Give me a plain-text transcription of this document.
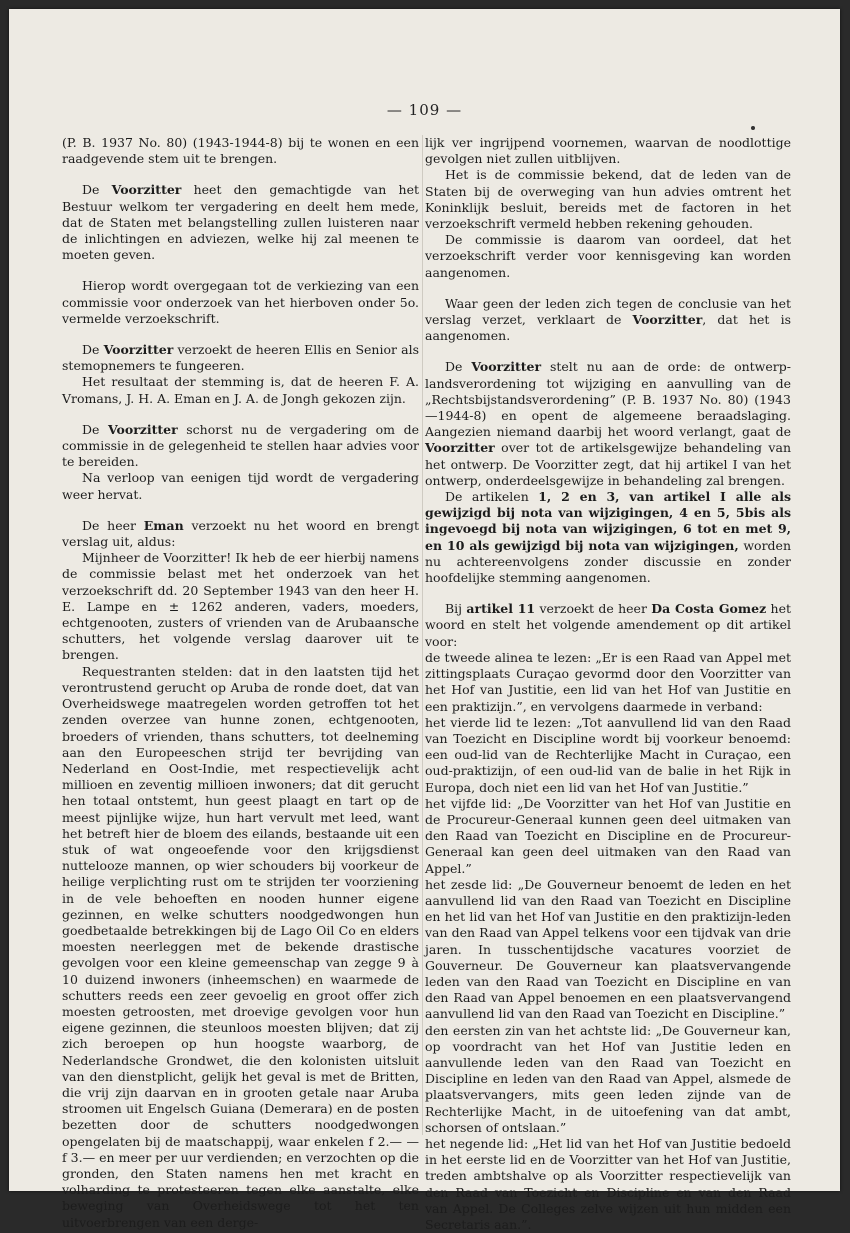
— 109 —

(P. B. 1937 No. 80) (1943-1944-8) bij te wonen en een raadgevende stem uit te brengen.

De Voorzitter heet den gemachtigde van het Bestuur welkom ter vergadering en deelt hem mede, dat de Staten met belangstelling zullen luisteren naar de inlichtingen en adviezen, welke hij zal meenen te moeten geven.

Hierop wordt overgegaan tot de verkiezing van een commissie voor onderzoek van het hierboven onder 5o. vermelde verzoekschrift.

De Voorzitter verzoekt de heeren Ellis en Senior als stemopnemers te fungeeren.

Het resultaat der stemming is, dat de heeren F. A. Vromans, J. H. A. Eman en J. A. de Jongh gekozen zijn.

De Voorzitter schorst nu de vergadering om de commissie in de gelegenheid te stellen haar advies voor te bereiden.

Na verloop van eenigen tijd wordt de vergadering weer hervat.

De heer Eman verzoekt nu het woord en brengt verslag uit, aldus:

Mijnheer de Voorzitter! Ik heb de eer hierbij namens de commissie belast met het onderzoek van het verzoekschrift dd. 20 September 1943 van den heer H. E. Lampe en ± 1262 anderen, vaders, moeders, echtgenooten, zusters of vrienden van de Arubaansche schutters, het volgende verslag daarover uit te brengen.

Requestranten stelden: dat in den laatsten tijd het verontrustend gerucht op Aruba de ronde doet, dat van Overheidswege maatregelen worden getroffen tot het zenden overzee van hunne zonen, echtgenooten, broeders of vrienden, thans schutters, tot deelneming aan den Europeeschen strijd ter bevrijding van Nederland en Oost-Indie, met respectievelijk acht millioen en zeventig millioen inwoners; dat dit gerucht hen totaal ontstemt, hun geest plaagt en tart op de meest pijnlijke wijze, hun hart vervult met leed, want het betreft hier de bloem des eilands, bestaande uit een stuk of wat ongeoefende voor den krijgsdienst nuttelooze mannen, op wier schouders bij voorkeur de heilige verplichting rust om te strijden ter voorziening in de vele behoeften en nooden hunner eigene gezinnen, en welke schutters noodgedwongen hun goedbetaalde betrekkingen bij de Lago Oil Co en elders moesten neerleggen met de bekende drastische gevolgen voor een kleine gemeenschap van zegge 9 à 10 duizend inwoners (inheemschen) en waarmede de schutters reeds een zeer gevoelig en groot offer zich moesten getroosten, met droevige gevolgen voor hun eigene gezinnen, die steunloos moesten blijven; dat zij zich beroepen op hun hoogste waarborg, de Nederlandsche Grondwet, die den kolonisten uitsluit van den dienstplicht, gelijk het geval is met de Britten, die vrij zijn daarvan en in grooten getale naar Aruba stroomen uit Engelsch Guiana (Demerara) en de posten bezetten door de schutters noodgedwongen opengelaten bij de maatschappij, waar enkelen f 2.— — f 3.— en meer per uur verdienden; en verzochten op die gronden, den Staten namens hen met kracht en volharding te protesteeren tegen elke aanstalte, elke beweging van Overheidswege tot het ten uitvoerbrengen van een derge-

lijk ver ingrijpend voornemen, waarvan de noodlottige gevolgen niet zullen uitblijven.

Het is de commissie bekend, dat de leden van de Staten bij de overweging van hun advies omtrent het Koninklijk besluit, bereids met de factoren in het verzoekschrift vermeld hebben rekening gehouden.

De commissie is daarom van oordeel, dat het verzoekschrift verder voor kennisgeving kan worden aangenomen.

Waar geen der leden zich tegen de conclusie van het verslag verzet, verklaart de Voorzitter, dat het is aangenomen.

De Voorzitter stelt nu aan de orde: de ontwerp-landsverordening tot wijziging en aanvulling van de „Rechtsbijstandsverordening” (P. B. 1937 No. 80) (1943—1944-8) en opent de algemeene beraadslaging. Aangezien niemand daarbij het woord verlangt, gaat de Voorzitter over tot de artikelsgewijze behandeling van het ontwerp. De Voorzitter zegt, dat hij artikel I van het ontwerp, onderdeelsgewijze in behandeling zal brengen.

De artikelen 1, 2 en 3, van artikel I alle als gewijzigd bij nota van wijzigingen, 4 en 5, 5bis als ingevoegd bij nota van wijzigingen, 6 tot en met 9, en 10 als gewijzigd bij nota van wijzigingen, worden nu achtereenvolgens zonder discussie en zonder hoofdelijke stemming aangenomen.

Bij artikel 11 verzoekt de heer Da Costa Gomez het woord en stelt het volgende amendement op dit artikel voor:

de tweede alinea te lezen: „Er is een Raad van Appel met zittingsplaats Curaçao gevormd door den Voorzitter van het Hof van Justitie, een lid van het Hof van Justitie en een praktizijn.”, en vervolgens daarmede in verband:

het vierde lid te lezen: „Tot aanvullend lid van den Raad van Toezicht en Discipline wordt bij voorkeur benoemd: een oud-lid van de Rechterlijke Macht in Curaçao, een oud-praktizijn, of een oud-lid van de balie in het Rijk in Europa, doch niet een lid van het Hof van Justitie.”

het vijfde lid: „De Voorzitter van het Hof van Justitie en de Procureur-Generaal kunnen geen deel uitmaken van den Raad van Toezicht en Discipline en de Procureur-Generaal kan geen deel uitmaken van den Raad van Appel.”

het zesde lid: „De Gouverneur benoemt de leden en het aanvullend lid van den Raad van Toezicht en Discipline en het lid van het Hof van Justitie en den praktizijn-leden van den Raad van Appel telkens voor een tijdvak van drie jaren. In tusschentijdsche vacatures voorziet de Gouverneur. De Gouverneur kan plaatsvervangende leden van den Raad van Toezicht en Discipline en van den Raad van Appel benoemen en een plaatsvervangend aanvullend lid van den Raad van Toezicht en Discipline.”

den eersten zin van het achtste lid: „De Gouverneur kan, op voordracht van het Hof van Justitie leden en aanvullende leden van den Raad van Toezicht en Discipline en leden van den Raad van Appel, alsmede de plaatsvervangers, mits geen leden zijnde van de Rechterlijke Macht, in de uitoefening van dat ambt, schorsen of ontslaan.”

het negende lid: „Het lid van het Hof van Justitie bedoeld in het eerste lid en de Voorzitter van het Hof van Justitie, treden ambtshalve op als Voorzitter respectievelijk van den Raad van Toezicht en Discipline en van den Raad van Appel. De Colleges zelve wijzen uit hun midden een Secretaris aan.”.
